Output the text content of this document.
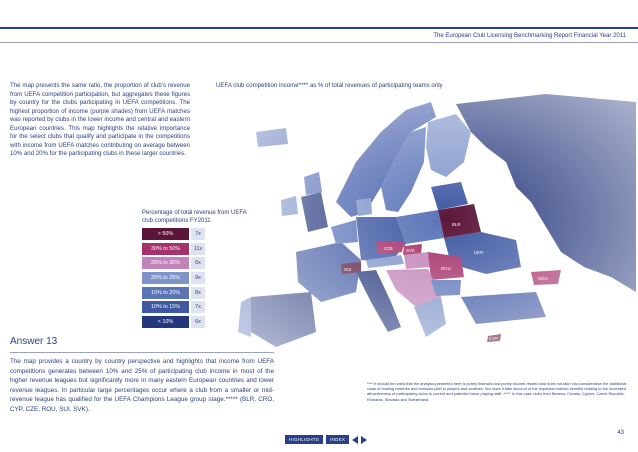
The European Club Licensing Benchmarking Report Financial Year 2011
The map presents the same ratio, the proportion of club’s revenue from UEFA competition participation, but aggregates these figures by country for the clubs participating in UEFA competitions. The highest proportion of income (purple shades) from UEFA matches was reported by clubs in the lower income and central and eastern European countries. This map highlights the relative importance for the select clubs that qualify and participate in the competitions with income from UEFA matches contributing on average between 10% and 20% for the participating clubs in these larger countries.
UEFA club competition income**** as % of total revenues of participating teams only
BLR
ROU
UKR
CYP
GEO
CZE	SVK
SUI
Percentage of total revenue from UEFA club competitions FY2011
> 50%	7x
30% to 50%	11x
25% to 30%	6x
20% to 25%	9x
15% to 20%	8x
10% to 15%	7x
< 10%	6x
Answer 13
The map provides a country by country perspective and highlights that income from UEFA competitions generates between 10% and 25% of participating club income in most of the higher revenue leagues but significantly more in many eastern European countries and lower revenue leagues. In particular large percentages occur where a club from a smaller or mid-revenue league has qualified for the UEFA Champions League group stage.***** (BLR, CRO, CYP, CZE, ROU, SUI, SVK).
**** It should be noted that the analysis presented here is purely financial and purely income-related and does not take into consideration the additional costs of hosting matches and bonuses paid to players and coaches. Nor does it take account of the important indirect benefits relating to the increased attractiveness of participating clubs to current and potential future playing staff. ***** In this case clubs from Belarus, Croatia, Cyprus, Czech Republic, Romania, Slovakia and Switzerland.
43
HIGHLIGHTS	INDEX
